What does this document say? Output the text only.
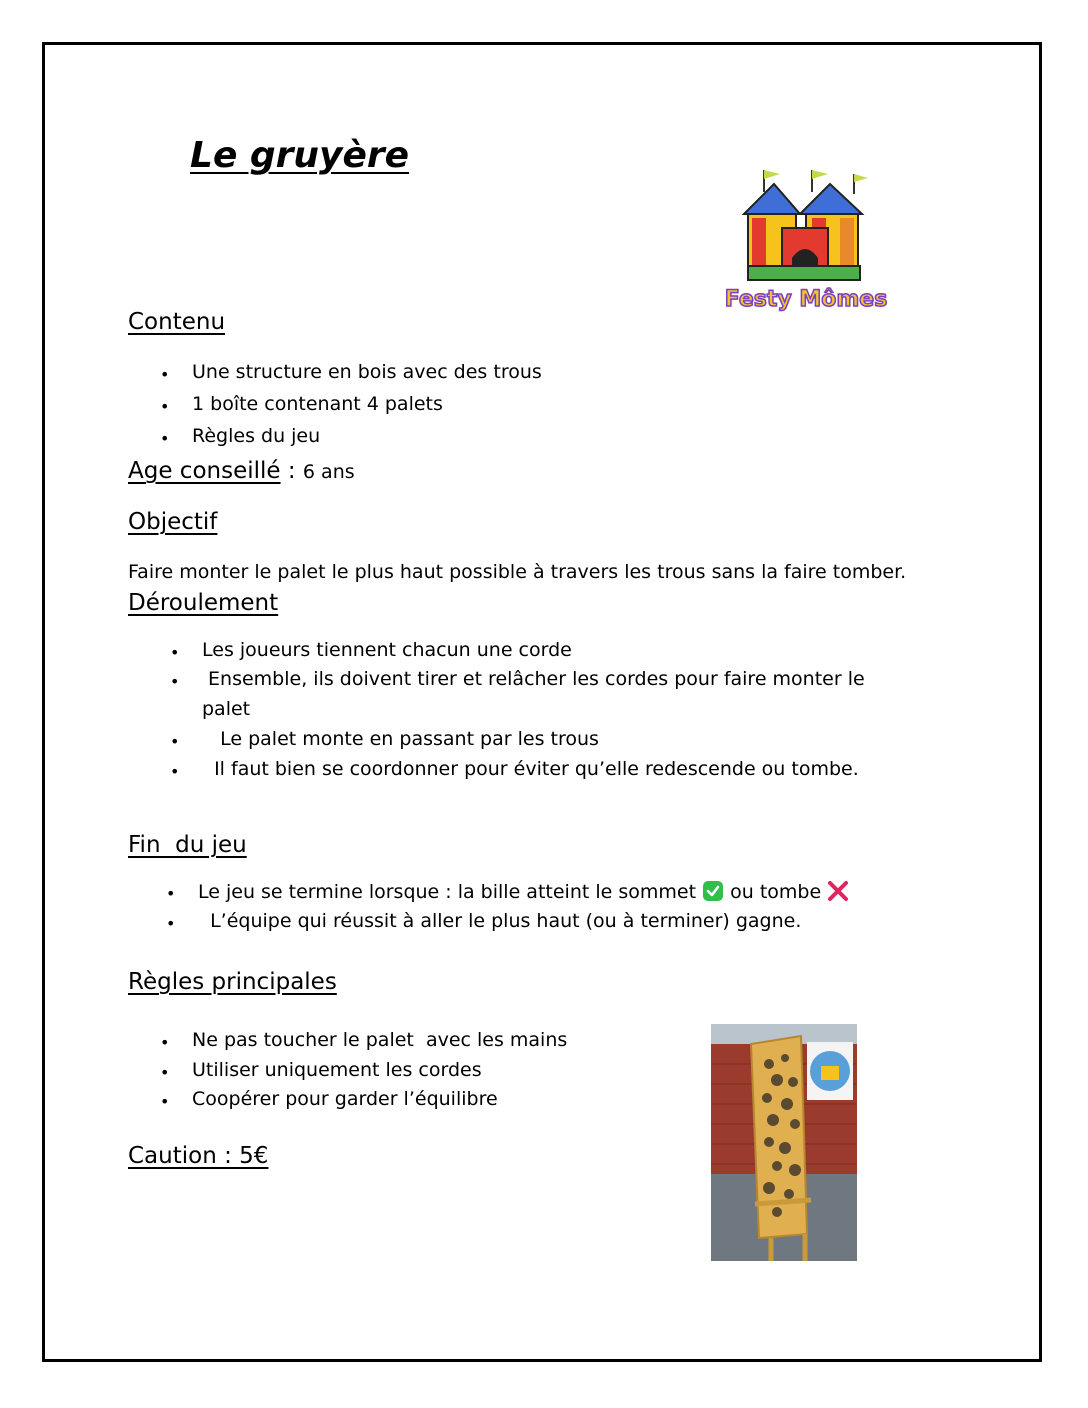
Le gruyère
Festy Mômes
Contenu
• Une structure en bois avec des trous
• 1 boîte contenant 4 palets
• Règles du jeu
Age conseillé : 6 ans
Objectif
Faire monter le palet le plus haut possible à travers les trous sans la faire tomber.
Déroulement
• Les joueurs tiennent chacun une corde
• Ensemble, ils doivent tirer et relâcher les cordes pour faire monter le
palet
• Le palet monte en passant par les trous
• Il faut bien se coordonner pour éviter qu’elle redescende ou tombe.
Fin  du jeu
• Le jeu se termine lorsque : la bille atteint le sommet ou tombe
• L’équipe qui réussit à aller le plus haut (ou à terminer) gagne.
Règles principales
• Ne pas toucher le palet  avec les mains
• Utiliser uniquement les cordes
• Coopérer pour garder l’équilibre
Caution : 5€
